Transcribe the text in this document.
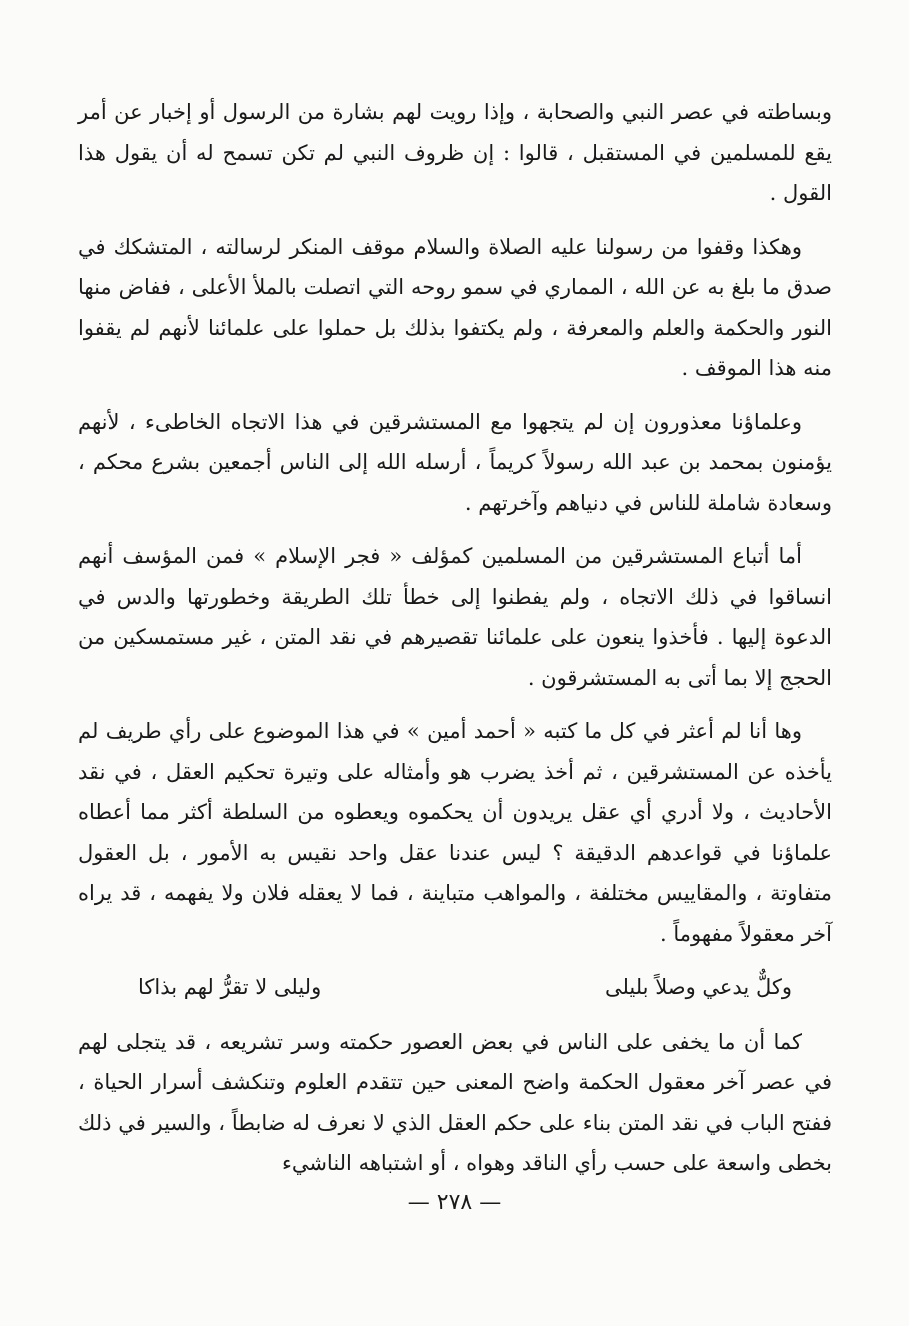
وبساطته في عصر النبي والصحابة ، وإذا رويت لهم بشارة من الرسول أو إخبار عن أمر يقع للمسلمين في المستقبل ، قالوا : إن ظروف النبي لم تكن تسمح له أن يقول هذا القول .

وهكذا وقفوا من رسولنا عليه الصلاة والسلام موقف المنكر لرسالته ، المتشكك في صدق ما بلغ به عن الله ، المماري في سمو روحه التي اتصلت بالملأ الأعلى ، ففاض منها النور والحكمة والعلم والمعرفة ، ولم يكتفوا بذلك بل حملوا على علمائنا لأنهم لم يقفوا منه هذا الموقف .

وعلماؤنا معذورون إن لم يتجهوا مع المستشرقين في هذا الاتجاه الخاطىء ، لأنهم يؤمنون بمحمد بن عبد الله رسولاً كريماً ، أرسله الله إلى الناس أجمعين بشرع محكم ، وسعادة شاملة للناس في دنياهم وآخرتهم .

أما أتباع المستشرقين من المسلمين كمؤلف « فجر الإسلام » فمن المؤسف أنهم انساقوا في ذلك الاتجاه ، ولم يفطنوا إلى خطأ تلك الطريقة وخطورتها والدس في الدعوة إليها . فأخذوا ينعون على علمائنا تقصيرهم في نقد المتن ، غير مستمسكين من الحجج إلا بما أتى به المستشرقون .

وها أنا لم أعثر في كل ما كتبه « أحمد أمين » في هذا الموضوع على رأي طريف لم يأخذه عن المستشرقين ، ثم أخذ يضرب هو وأمثاله على وتيرة تحكيم العقل ، في نقد الأحاديث ، ولا أدري أي عقل يريدون أن يحكموه ويعطوه من السلطة أكثر مما أعطاه علماؤنا في قواعدهم الدقيقة ؟ ليس عندنا عقل واحد نقيس به الأمور ، بل العقول متفاوتة ، والمقاييس مختلفة ، والمواهب متباينة ، فما لا يعقله فلان ولا يفهمه ، قد يراه آخر معقولاً مفهوماً .

وكلٌّ يدعي وصلاً بليلى
وليلى لا تقرُّ لهم بذاكا

كما أن ما يخفى على الناس في بعض العصور حكمته وسر تشريعه ، قد يتجلى لهم في عصر آخر معقول الحكمة واضح المعنى حين تتقدم العلوم وتنكشف أسرار الحياة ، ففتح الباب في نقد المتن بناء على حكم العقل الذي لا نعرف له ضابطاً ، والسير في ذلك بخطى واسعة على حسب رأي الناقد وهواه ، أو اشتباهه الناشيء

— ٢٧٨ —
